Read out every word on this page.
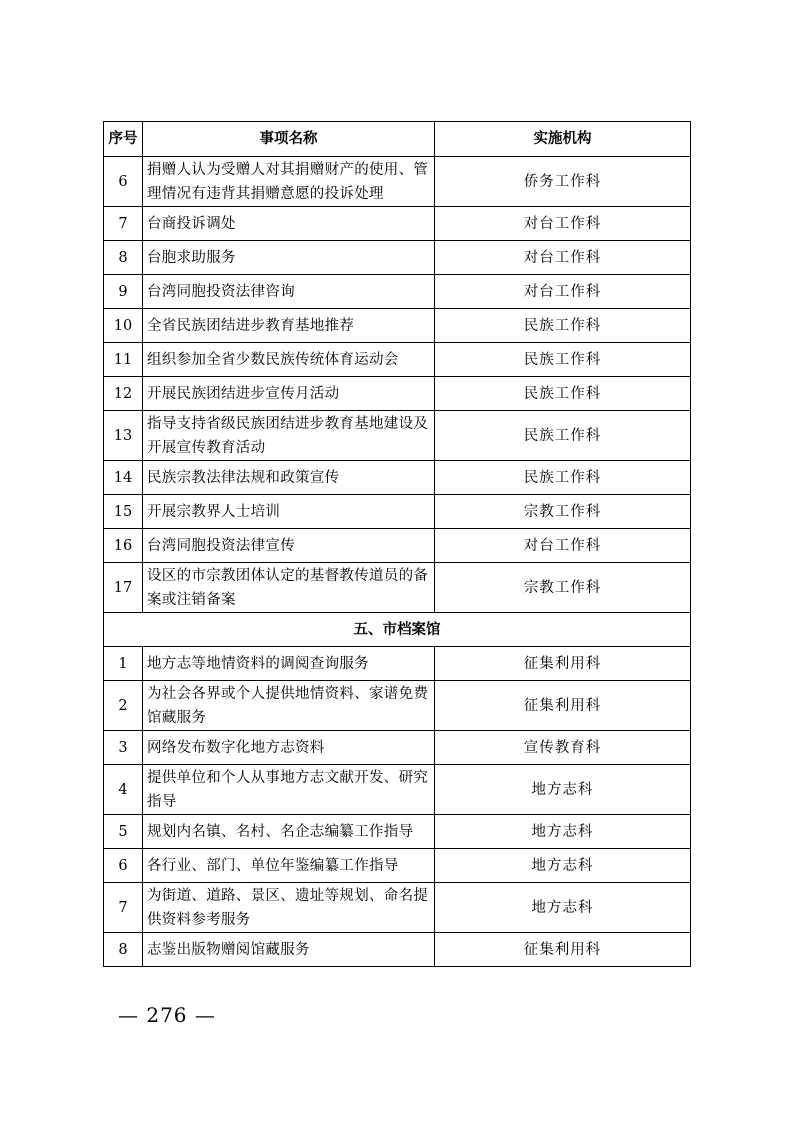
序号	事项名称	实施机构
6	捐赠人认为受赠人对其捐赠财产的使用、管理情况有违背其捐赠意愿的投诉处理	侨务工作科
7	台商投诉调处	对台工作科
8	台胞求助服务	对台工作科
9	台湾同胞投资法律咨询	对台工作科
10	全省民族团结进步教育基地推荐	民族工作科
11	组织参加全省少数民族传统体育运动会	民族工作科
12	开展民族团结进步宣传月活动	民族工作科
13	指导支持省级民族团结进步教育基地建设及开展宣传教育活动	民族工作科
14	民族宗教法律法规和政策宣传	民族工作科
15	开展宗教界人士培训	宗教工作科
16	台湾同胞投资法律宣传	对台工作科
17	设区的市宗教团体认定的基督教传道员的备案或注销备案	宗教工作科
五、市档案馆		
1	地方志等地情资料的调阅查询服务	征集利用科
2	为社会各界或个人提供地情资料、家谱免费馆藏服务	征集利用科
3	网络发布数字化地方志资料	宣传教育科
4	提供单位和个人从事地方志文献开发、研究指导	地方志科
5	规划内名镇、名村、名企志编纂工作指导	地方志科
6	各行业、部门、单位年鉴编纂工作指导	地方志科
7	为街道、道路、景区、遗址等规划、命名提供资料参考服务	地方志科
8	志鉴出版物赠阅馆藏服务	征集利用科
— 276 —
